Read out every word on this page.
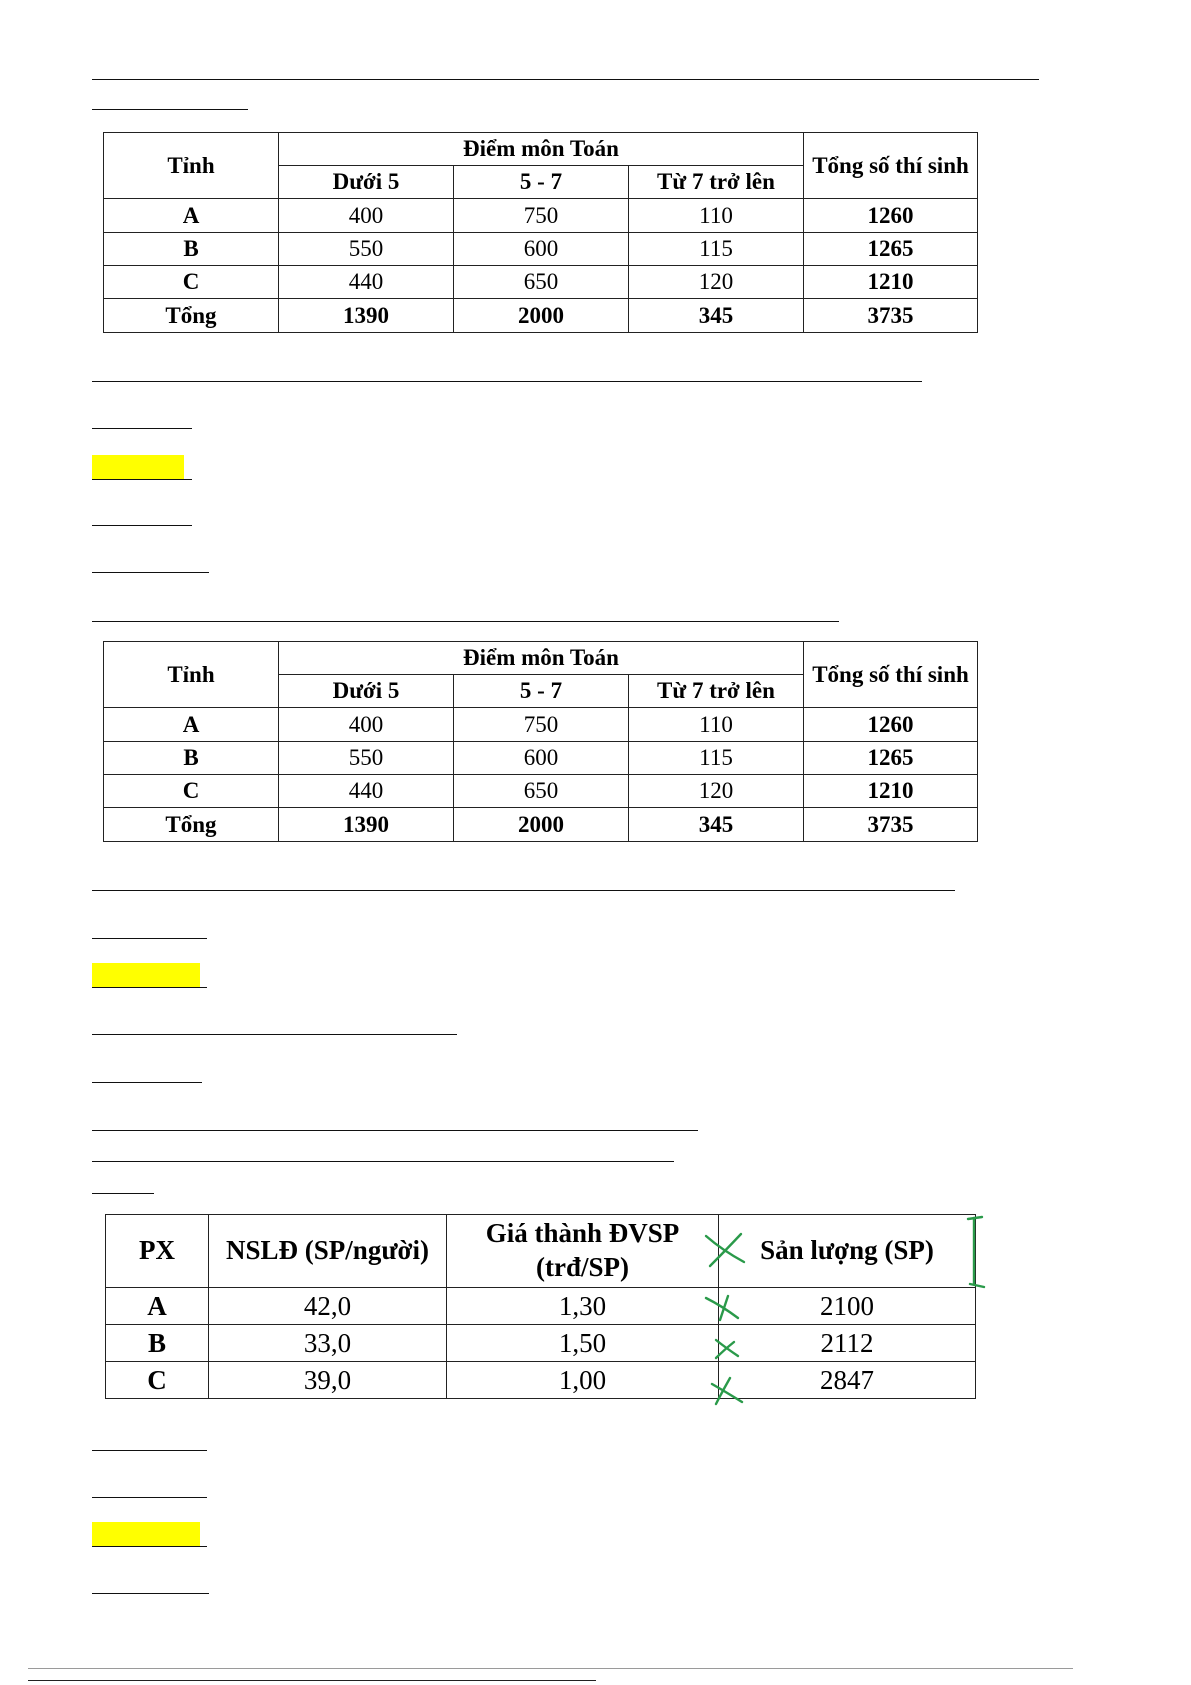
Tỉnh	Điểm môn Toán			Tổng số thí sinh
	Dưới 5	5 - 7	Từ 7 trở lên	
A	400	750	110	1260
B	550	600	115	1265
C	440	650	120	1210
Tổng	1390	2000	345	3735
Tỉnh	Điểm môn Toán			Tổng số thí sinh
	Dưới 5	5 - 7	Từ 7 trở lên	
A	400	750	110	1260
B	550	600	115	1265
C	440	650	120	1210
Tổng	1390	2000	345	3735
PX	NSLĐ (SP/người)	Giá thành ĐVSP (trđ/SP)	Sản lượng (SP)
A	42,0	1,30	2100
B	33,0	1,50	2112
C	39,0	1,00	2847
